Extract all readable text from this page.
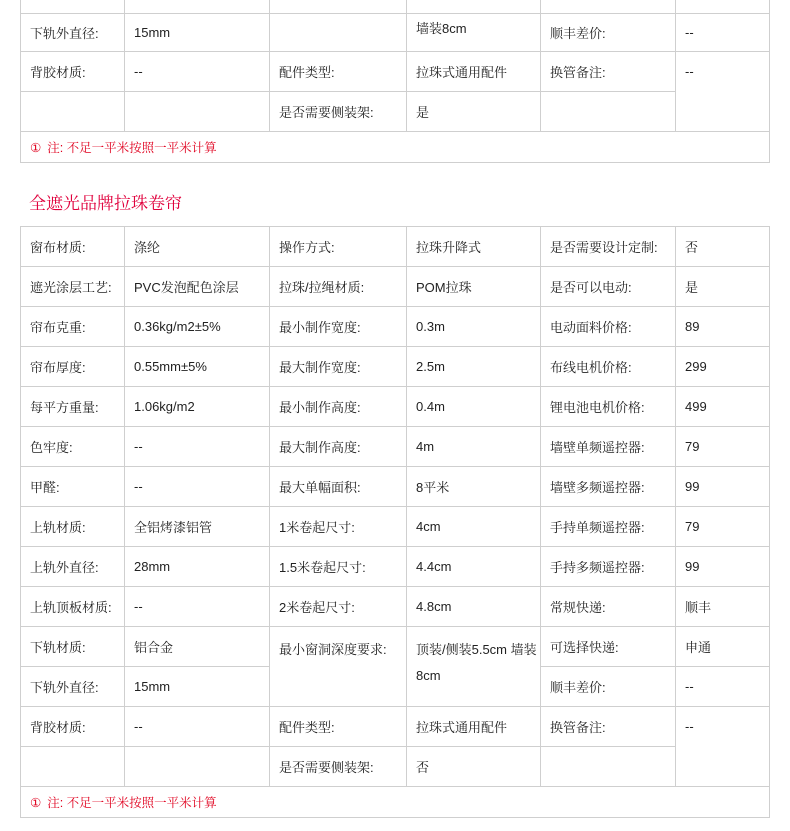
下轨外直径:	15mm		墙装8cm	顺丰差价:	--
背胶材质:	--	配件类型:	拉珠式通用配件	换管备注:	--
		是否需要侧装架:	是		
① 注: 不足一平米按照一平米计算					
全遮光品牌拉珠卷帘
窗布材质:	涤纶	操作方式:	拉珠升降式	是否需要设计定制:	否
遮光涂层工艺:	PVC发泡配色涂层	拉珠/拉绳材质:	POM拉珠	是否可以电动:	是
帘布克重:	0.36kg/m2±5%	最小制作宽度:	0.3m	电动面料价格:	89
帘布厚度:	0.55mm±5%	最大制作宽度:	2.5m	布线电机价格:	299
每平方重量:	1.06kg/m2	最小制作高度:	0.4m	锂电池电机价格:	499
色牢度:	--	最大制作高度:	4m	墙壁单频遥控器:	79
甲醛:	--	最大单幅面积:	8平米	墙壁多频遥控器:	99
上轨材质:	全铝烤漆铝管	1米卷起尺寸:	4cm	手持单频遥控器:	79
上轨外直径:	28mm	1.5米卷起尺寸:	4.4cm	手持多频遥控器:	99
上轨顶板材质:	--	2米卷起尺寸:	4.8cm	常规快递:	顺丰
下轨材质:	铝合金	最小窗洞深度要求:	顶装/侧装5.5cm 墙装8cm	可选择快递:	申通
下轨外直径:	15mm			顺丰差价:	--
背胶材质:	--	配件类型:	拉珠式通用配件	换管备注:	--
		是否需要侧装架:	否		
① 注: 不足一平米按照一平米计算					
